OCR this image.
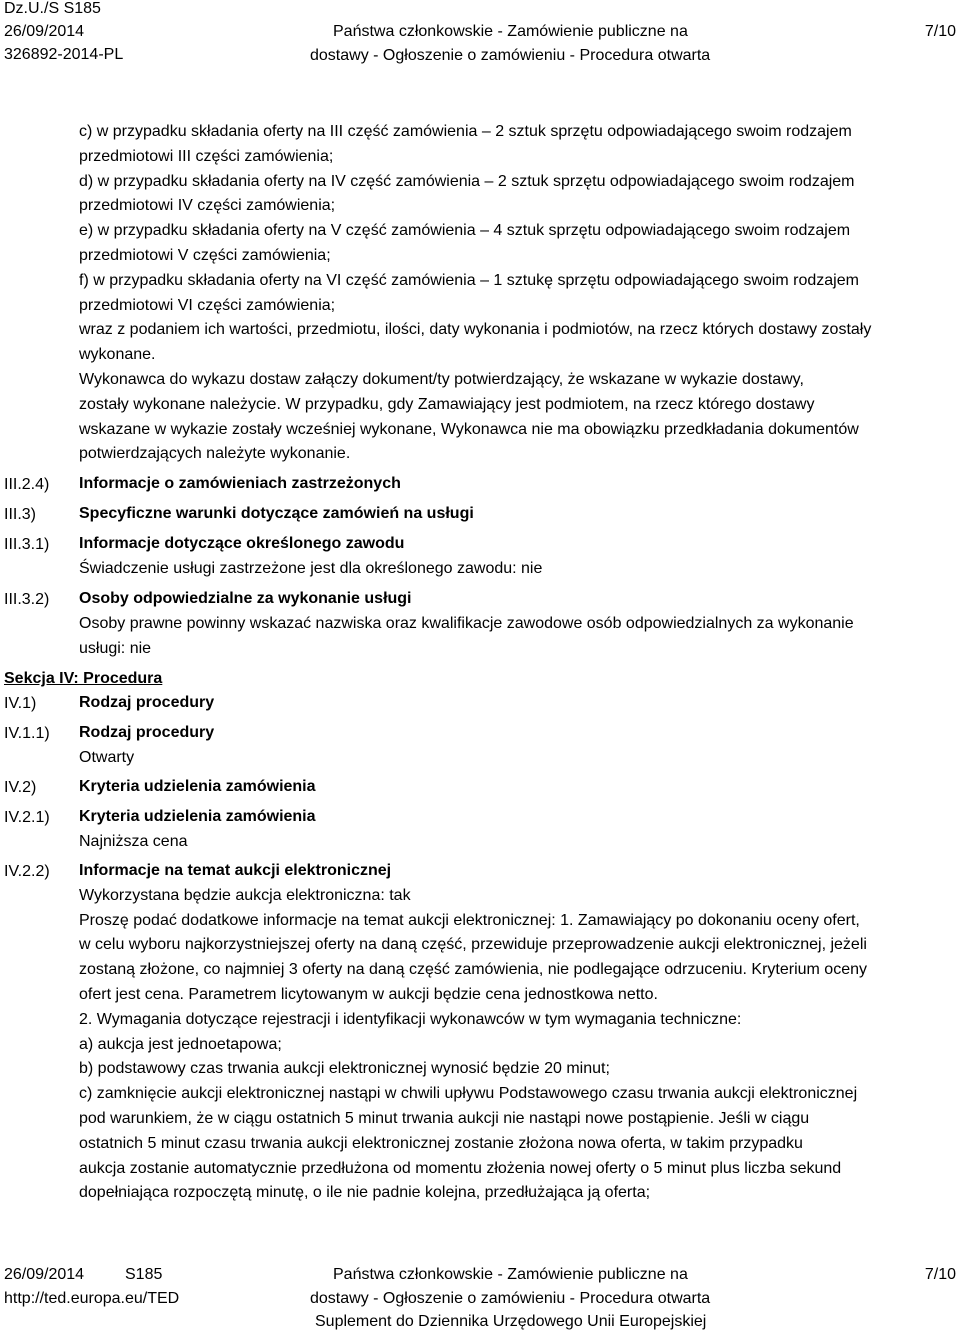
Dz.U./S S185
26/09/2014
326892-2014-PL
Państwa członkowskie - Zamówienie publiczne na
dostawy - Ogłoszenie o zamówieniu - Procedura otwarta
7/10
c) w przypadku składania oferty na III część zamówienia – 2 sztuk sprzętu odpowiadającego swoim rodzajem
przedmiotowi III części zamówienia;
d) w przypadku składania oferty na IV część zamówienia – 2 sztuk sprzętu odpowiadającego swoim rodzajem
przedmiotowi IV części zamówienia;
e) w przypadku składania oferty na V część zamówienia – 4 sztuk sprzętu odpowiadającego swoim rodzajem
przedmiotowi V części zamówienia;
f) w przypadku składania oferty na VI część zamówienia – 1 sztukę sprzętu odpowiadającego swoim rodzajem
przedmiotowi VI części zamówienia;
wraz z podaniem ich wartości, przedmiotu, ilości, daty wykonania i podmiotów, na rzecz których dostawy zostały
wykonane.
Wykonawca do wykazu dostaw załączy dokument/ty potwierdzający, że wskazane w wykazie dostawy,
zostały wykonane należycie. W przypadku, gdy Zamawiający jest podmiotem, na rzecz którego dostawy
wskazane w wykazie zostały wcześniej wykonane, Wykonawca nie ma obowiązku przedkładania dokumentów
potwierdzających należyte wykonanie.
III.2.4) Informacje o zamówieniach zastrzeżonych
III.3)	Specyficzne warunki dotyczące zamówień na usługi
III.3.1) Informacje dotyczące określonego zawodu
Świadczenie usługi zastrzeżone jest dla określonego zawodu: nie
III.3.2) Osoby odpowiedzialne za wykonanie usługi
Osoby prawne powinny wskazać nazwiska oraz kwalifikacje zawodowe osób odpowiedzialnych za wykonanie
usługi: nie
Sekcja IV: Procedura
IV.1)	Rodzaj procedury
IV.1.1) Rodzaj procedury
Otwarty
IV.2)	Kryteria udzielenia zamówienia
IV.2.1) Kryteria udzielenia zamówienia
Najniższa cena
IV.2.2) Informacje na temat aukcji elektronicznej
Wykorzystana będzie aukcja elektroniczna: tak
Proszę podać dodatkowe informacje na temat aukcji elektronicznej: 1. Zamawiający po dokonaniu oceny ofert,
w celu wyboru najkorzystniejszej oferty na daną część, przewiduje przeprowadzenie aukcji elektronicznej, jeżeli
zostaną złożone, co najmniej 3 oferty na daną część zamówienia, nie podlegające odrzuceniu. Kryterium oceny
ofert jest cena. Parametrem licytowanym w aukcji będzie cena jednostkowa netto.
2. Wymagania dotyczące rejestracji i identyfikacji wykonawców w tym wymagania techniczne:
a) aukcja jest jednoetapowa;
b) podstawowy czas trwania aukcji elektronicznej wynosić będzie 20 minut;
c) zamknięcie aukcji elektronicznej nastąpi w chwili upływu Podstawowego czasu trwania aukcji elektronicznej
pod warunkiem, że w ciągu ostatnich 5 minut trwania aukcji nie nastąpi nowe postąpienie. Jeśli w ciągu
ostatnich 5 minut czasu trwania aukcji elektronicznej zostanie złożona nowa oferta, w takim przypadku
aukcja zostanie automatycznie przedłużona od momentu złożenia nowej oferty o 5 minut plus liczba sekund
dopełniająca rozpoczętą minutę, o ile nie padnie kolejna, przedłużająca ją oferta;
26/09/2014	S185
http://ted.europa.eu/TED
Państwa członkowskie - Zamówienie publiczne na
dostawy - Ogłoszenie o zamówieniu - Procedura otwarta
Suplement do Dziennika Urzędowego Unii Europejskiej
7/10
